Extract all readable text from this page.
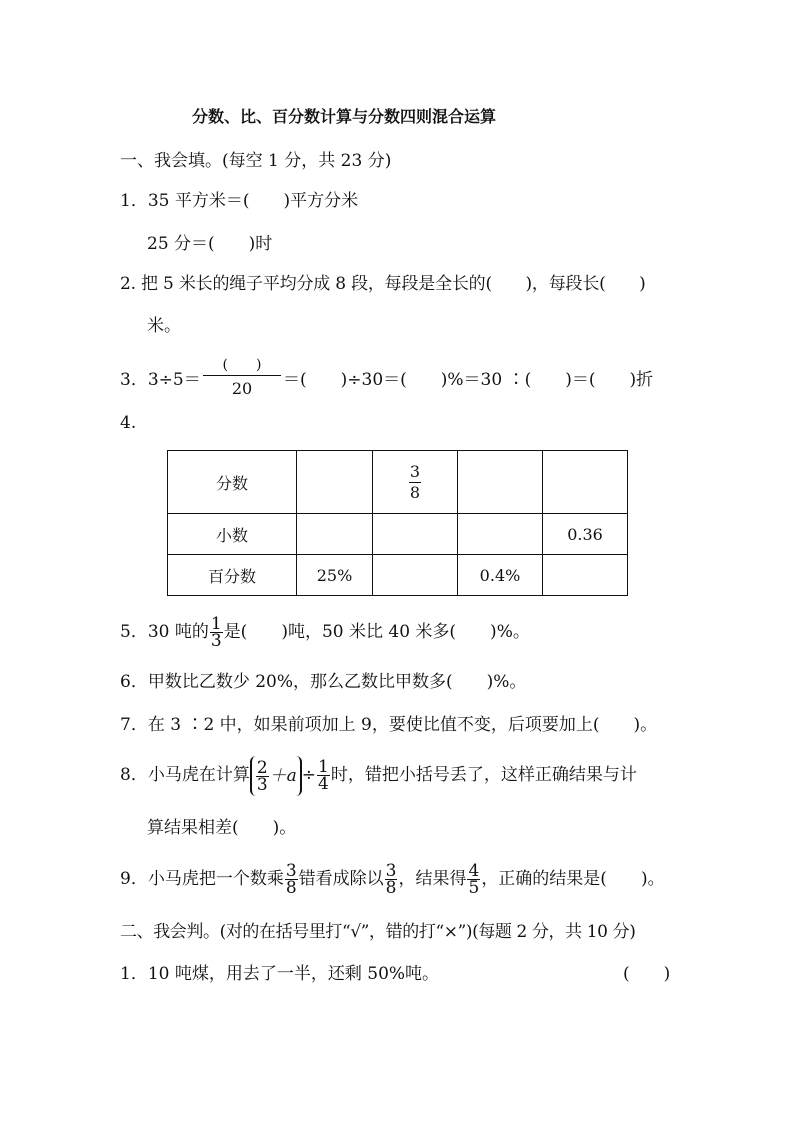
分数、比、百分数计算与分数四则混合运算
一、我会填。(每空 1 分，共 23 分)
1．35 平方米＝(　　)平方分米
25 分＝(　　)时
2. 把 5 米长的绳子平均分成 8 段，每段是全长的(　　)，每段长(　　)
米。
3．3÷5＝
(　　)
20	＝(　　)÷30＝(　　)%＝30 ∶(　　)＝(　　)折
4.
分数		$\frac{3}{8}$

小数				0.36
百分数	25%		0.4%	
5．30 吨的 $\frac{1}{3}$ 是(　　)吨，50 米比 40 米多(　　)%。
6．甲数比乙数少 20%，那么乙数比甲数多(　　)%。
7．在 3 ∶2 中，如果前项加上 9，要使比值不变，后项要加上(　　)。
8．小马虎在计算 $\frac{2}{3} +a \div \frac{1}{4}$ 时，错把小括号丢了，这样正确结果与计
算结果相差(　　)。
9．小马虎把一个数乘 $\frac{3}{8}$ 错看成除以 $\frac{3}{8}$ ，结果得 $\frac{4}{5}$ ，正确的结果是(　　)。
二、我会判。(对的在括号里打“√”，错的打“×”)(每题 2 分，共 10 分)
1．10 吨煤，用去了一半，还剩 50%吨。	(　　)
